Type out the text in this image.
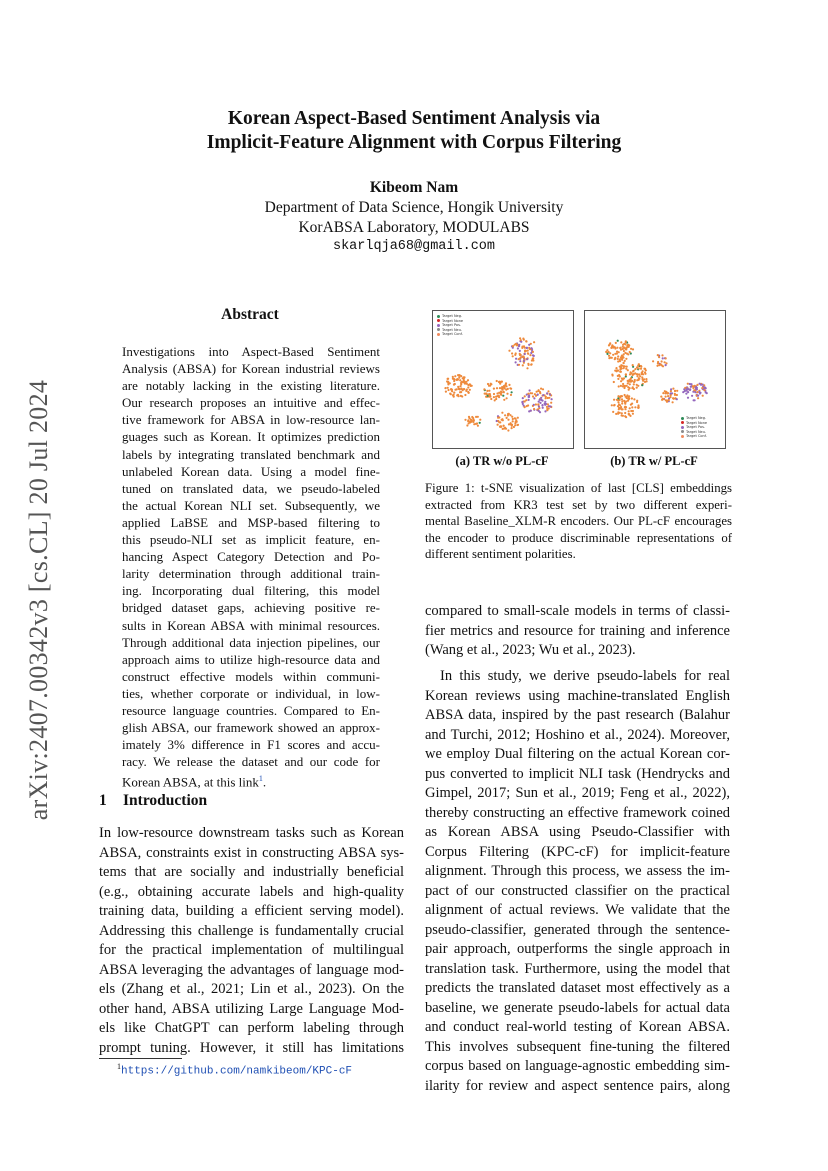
arXiv:2407.00342v3 [cs.CL] 20 Jul 2024
Korean Aspect-Based Sentiment Analysis via
Implicit-Feature Alignment with Corpus Filtering
Kibeom Nam
Department of Data Science, Hongik University
KorABSA Laboratory, MODULABS
skarlqja68@gmail.com
Abstract
Investigations into Aspect-Based Sentiment
Analysis (ABSA) for Korean industrial reviews
are notably lacking in the existing literature.
Our research proposes an intuitive and effec-
tive framework for ABSA in low-resource lan-
guages such as Korean. It optimizes prediction
labels by integrating translated benchmark and
unlabeled Korean data. Using a model fine-
tuned on translated data, we pseudo-labeled
the actual Korean NLI set. Subsequently, we
applied LaBSE and MSP-based filtering to
this pseudo-NLI set as implicit feature, en-
hancing Aspect Category Detection and Po-
larity determination through additional train-
ing. Incorporating dual filtering, this model
bridged dataset gaps, achieving positive re-
sults in Korean ABSA with minimal resources.
Through additional data injection pipelines, our
approach aims to utilize high-resource data and
construct effective models within communi-
ties, whether corporate or individual, in low-
resource language countries. Compared to En-
glish ABSA, our framework showed an approx-
imately 3% difference in F1 scores and accu-
racy. We release the dataset and our code for
Korean ABSA, at this link$^1$.
1 Introduction
In low-resource downstream tasks such as Korean
ABSA, constraints exist in constructing ABSA sys-
tems that are socially and industrially beneficial
(e.g., obtaining accurate labels and high-quality
training data, building a efficient serving model).
Addressing this challenge is fundamentally crucial
for the practical implementation of multilingual
ABSA leveraging the advantages of language mod-
els (Zhang et al., 2021; Lin et al., 2023). On the
other hand, ABSA utilizing Large Language Mod-
els like ChatGPT can perform labeling through
prompt tuning. However, it still has limitations
$^1$https://github.com/namkibeom/KPC-cF
Target Neg.
Target None
Target Pos.
Target Neu.
Target Conf.
Target Neg.
Target None
Target Pos.
Target Neu.
Target Conf.
(a) TR w/o PL-cF	(b) TR w/ PL-cF
Figure 1: t-SNE visualization of last [CLS] embeddings
extracted from KR3 test set by two different experi-
mental Baseline_XLM-R encoders. Our PL-cF encourages
the encoder to produce discriminable representations of
different sentiment polarities.
compared to small-scale models in terms of classi-
fier metrics and resource for training and inference
(Wang et al., 2023; Wu et al., 2023).
In this study, we derive pseudo-labels for real
Korean reviews using machine-translated English
ABSA data, inspired by the past research (Balahur
and Turchi, 2012; Hoshino et al., 2024). Moreover,
we employ Dual filtering on the actual Korean cor-
pus converted to implicit NLI task (Hendrycks and
Gimpel, 2017; Sun et al., 2019; Feng et al., 2022),
thereby constructing an effective framework coined
as Korean ABSA using Pseudo-Classifier with
Corpus Filtering (KPC-cF) for implicit-feature
alignment. Through this process, we assess the im-
pact of our constructed classifier on the practical
alignment of actual reviews. We validate that the
pseudo-classifier, generated through the sentence-
pair approach, outperforms the single approach in
translation task. Furthermore, using the model that
predicts the translated dataset most effectively as a
baseline, we generate pseudo-labels for actual data
and conduct real-world testing of Korean ABSA.
This involves subsequent fine-tuning the filtered
corpus based on language-agnostic embedding sim-
ilarity for review and aspect sentence pairs, along
